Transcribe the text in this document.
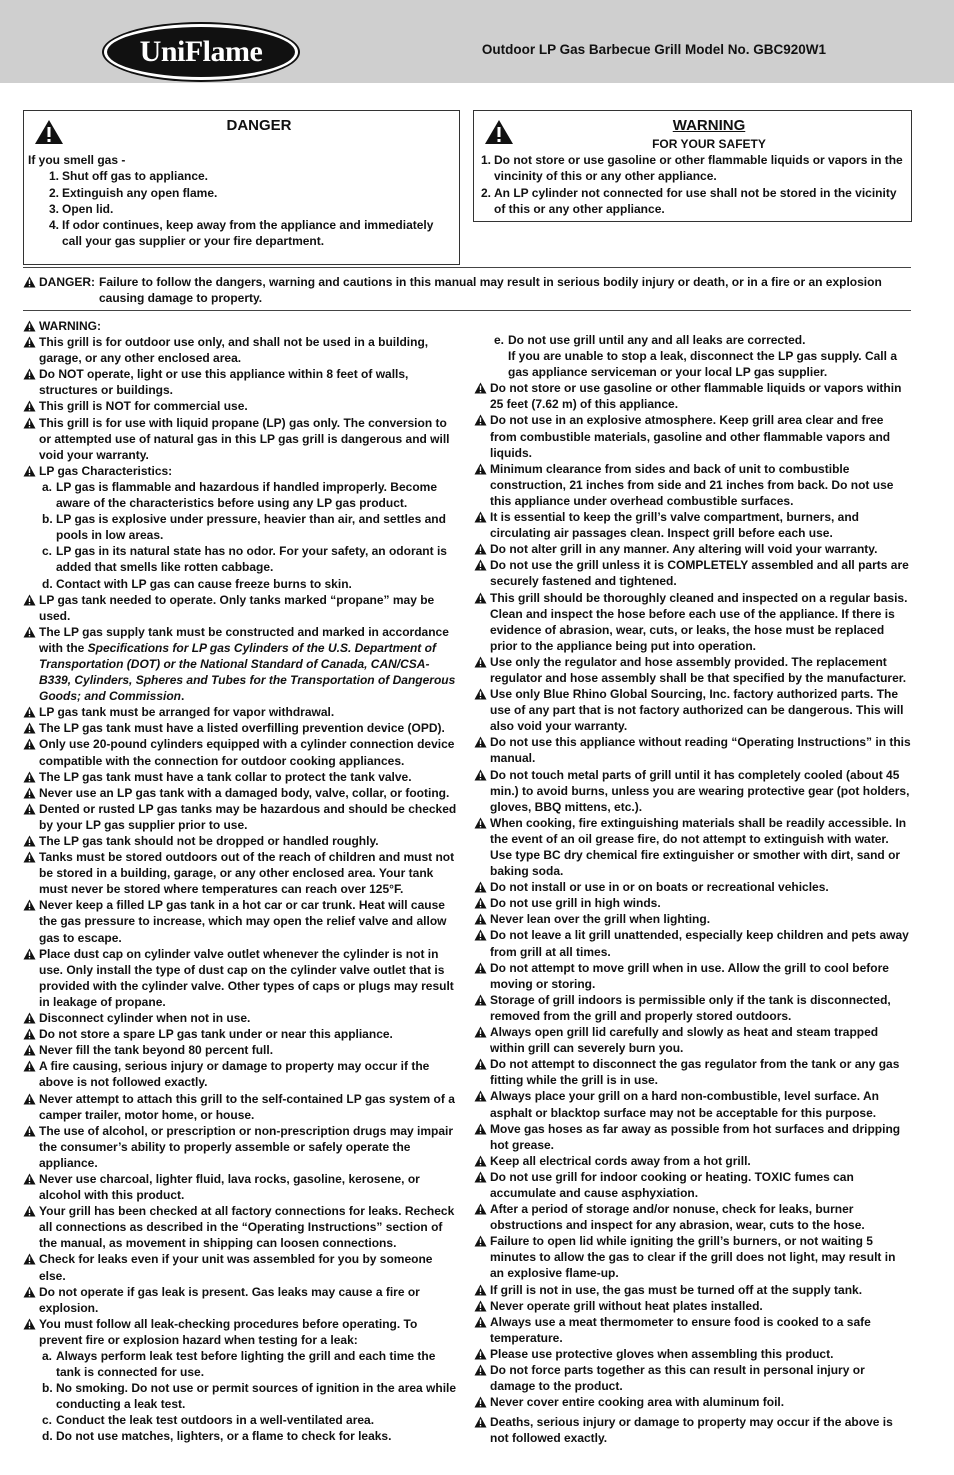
UniFlame	Outdoor LP Gas Barbecue Grill Model No. GBC920W1
DANGER
If you smell gas -
1. Shut off gas to appliance.
2. Extinguish any open flame.
3. Open lid.
4. If odor continues, keep away from the appliance and immediately call your gas supplier or your fire department.
WARNING
FOR YOUR SAFETY
1. Do not store or use gasoline or other flammable liquids or vapors in the vincinity of this or any other appliance.
2. An LP cylinder not connected for use shall not be stored in the vicinity of this or any other appliance.
DANGER: Failure to follow the dangers, warning and cautions in this manual may result in serious bodily injury or death, or in a fire or an explosion causing damage to property.
WARNING:
This grill is for outdoor use only, and shall not be used in a building, garage, or any other enclosed area.
Do NOT operate, light or use this appliance within 8 feet of walls, structures or buildings.
This grill is NOT for commercial use.
This grill is for use with liquid propane (LP) gas only. The conversion to or attempted use of natural gas in this LP gas grill is dangerous and will void your warranty.
LP gas Characteristics:
a. LP gas is flammable and hazardous if handled improperly. Become aware of the characteristics before using any LP gas product.
b. LP gas is explosive under pressure, heavier than air, and settles and pools in low areas.
c. LP gas in its natural state has no odor. For your safety, an odorant is added that smells like rotten cabbage.
d. Contact with LP gas can cause freeze burns to skin.
LP gas tank needed to operate. Only tanks marked “propane” may be used.
The LP gas supply tank must be constructed and marked in accordance with the Specifications for LP gas Cylinders of the U.S. Department of Transportation (DOT) or the National Standard of Canada, CAN/CSA-B339, Cylinders, Spheres and Tubes for the Transportation of Dangerous Goods; and Commission.
LP gas tank must be arranged for vapor withdrawal.
The LP gas tank must have a listed overfilling prevention device (OPD).
Only use 20-pound cylinders equipped with a cylinder connection device compatible with the connection for outdoor cooking appliances.
The LP gas tank must have a tank collar to protect the tank valve.
Never use an LP gas tank with a damaged body, valve, collar, or footing.
Dented or rusted LP gas tanks may be hazardous and should be checked by your LP gas supplier prior to use.
The LP gas tank should not be dropped or handled roughly.
Tanks must be stored outdoors out of the reach of children and must not be stored in a building, garage, or any other enclosed area. Your tank must never be stored where temperatures can reach over 125°F.
Never keep a filled LP gas tank in a hot car or car trunk. Heat will cause the gas pressure to increase, which may open the relief valve and allow gas to escape.
Place dust cap on cylinder valve outlet whenever the cylinder is not in use. Only install the type of dust cap on the cylinder valve outlet that is provided with the cylinder valve. Other types of caps or plugs may result in leakage of propane.
Disconnect cylinder when not in use.
Do not store a spare LP gas tank under or near this appliance.
Never fill the tank beyond 80 percent full.
A fire causing, serious injury or damage to property may occur if the above is not followed exactly.
Never attempt to attach this grill to the self-contained LP gas system of a camper trailer, motor home, or house.
The use of alcohol, or prescription or non-prescription drugs may impair the consumer’s ability to properly assemble or safely operate the appliance.
Never use charcoal, lighter fluid, lava rocks, gasoline, kerosene, or alcohol with this product.
Your grill has been checked at all factory connections for leaks. Recheck all connections as described in the “Operating Instructions” section of the manual, as movement in shipping can loosen connections.
Check for leaks even if your unit was assembled for you by someone else.
Do not operate if gas leak is present. Gas leaks may cause a fire or explosion.
You must follow all leak-checking procedures before operating. To prevent fire or explosion hazard when testing for a leak:
a. Always perform leak test before lighting the grill and each time the tank is connected for use.
b. No smoking. Do not use or permit sources of ignition in the area while conducting a leak test.
c. Conduct the leak test outdoors in a well-ventilated area.
d. Do not use matches, lighters, or a flame to check for leaks.
e. Do not use grill until any and all leaks are corrected.
If you are unable to stop a leak, disconnect the LP gas supply. Call a gas appliance serviceman or your local LP gas supplier.
Do not store or use gasoline or other flammable liquids or vapors within 25 feet (7.62 m) of this appliance.
Do not use in an explosive atmosphere. Keep grill area clear and free from combustible materials, gasoline and other flammable vapors and liquids.
Minimum clearance from sides and back of unit to combustible construction, 21 inches from side and 21 inches from back. Do not use this appliance under overhead combustible surfaces.
It is essential to keep the grill’s valve compartment, burners, and circulating air passages clean. Inspect grill before each use.
Do not alter grill in any manner. Any altering will void your warranty.
Do not use the grill unless it is COMPLETELY assembled and all parts are securely fastened and tightened.
This grill should be thoroughly cleaned and inspected on a regular basis. Clean and inspect the hose before each use of the appliance. If there is evidence of abrasion, wear, cuts, or leaks, the hose must be replaced prior to the appliance being put into operation.
Use only the regulator and hose assembly provided. The replacement regulator and hose assembly shall be that specified by the manufacturer.
Use only Blue Rhino Global Sourcing, Inc. factory authorized parts. The use of any part that is not factory authorized can be dangerous. This will also void your warranty.
Do not use this appliance without reading “Operating Instructions” in this manual.
Do not touch metal parts of grill until it has completely cooled (about 45 min.) to avoid burns, unless you are wearing protective gear (pot holders, gloves, BBQ mittens, etc.).
When cooking, fire extinguishing materials shall be readily accessible. In the event of an oil grease fire, do not attempt to extinguish with water. Use type BC dry chemical fire extinguisher or smother with dirt, sand or baking soda.
Do not install or use in or on boats or recreational vehicles.
Do not use grill in high winds.
Never lean over the grill when lighting.
Do not leave a lit grill unattended, especially keep children and pets away from grill at all times.
Do not attempt to move grill when in use. Allow the grill to cool before moving or storing.
Storage of grill indoors is permissible only if the tank is disconnected, removed from the grill and properly stored outdoors.
Always open grill lid carefully and slowly as heat and steam trapped within grill can severely burn you.
Do not attempt to disconnect the gas regulator from the tank or any gas fitting while the grill is in use.
Always place your grill on a hard non-combustible, level surface. An asphalt or blacktop surface may not be acceptable for this purpose.
Move gas hoses as far away as possible from hot surfaces and dripping hot grease.
Keep all electrical cords away from a hot grill.
Do not use grill for indoor cooking or heating. TOXIC fumes can accumulate and cause asphyxiation.
After a period of storage and/or nonuse, check for leaks, burner obstructions and inspect for any abrasion, wear, cuts to the hose.
Failure to open lid while igniting the grill’s burners, or not waiting 5 minutes to allow the gas to clear if the grill does not light, may result in an explosive flame-up.
If grill is not in use, the gas must be turned off at the supply tank.
Never operate grill without heat plates installed.
Always use a meat thermometer to ensure food is cooked to a safe temperature.
Please use protective gloves when assembling this product.
Do not force parts together as this can result in personal injury or damage to the product.
Never cover entire cooking area with aluminum foil.
Deaths, serious injury or damage to property may occur if the above is not followed exactly.
